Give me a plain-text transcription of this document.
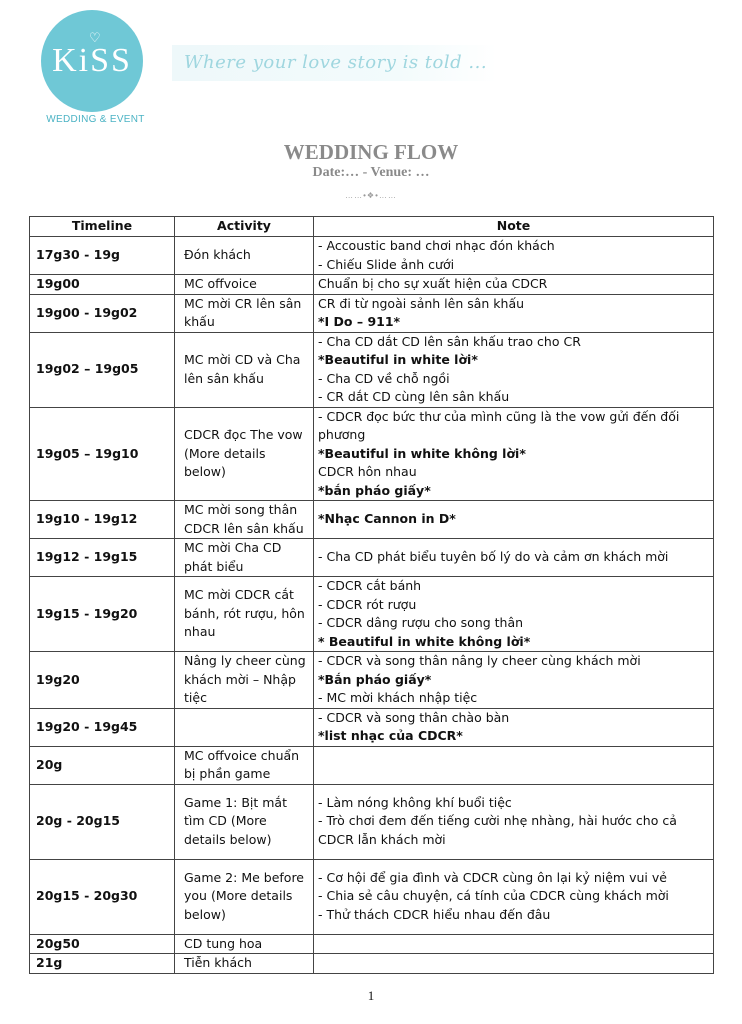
♡
KiSS
WEDDING & EVENT
Where your love story is told ...
WEDDING FLOW
Date:… - Venue: …
……•❖•……
Timeline	Activity	Note
17g30 - 19g	Đón khách	- Accoustic band chơi nhạc đón khách
- Chiếu Slide ảnh cưới

19g00	MC offvoice	Chuẩn bị cho sự xuất hiện của CDCR

19g00 - 19g02	MC mời CR lên sân khấu	CR đi từ ngoài sảnh lên sân khấu
*I Do – 911*

19g02 – 19g05	MC mời CD và Cha lên sân khấu	- Cha CD dắt CD lên sân khấu trao cho CR
*Beautiful in white lời*
- Cha CD về chỗ ngồi
- CR dắt CD cùng lên sân khấu

19g05 – 19g10	CDCR đọc The vow (More details below)	- CDCR đọc bức thư của mình cũng là the vow gửi đến đối
phương
*Beautiful in white không lời*
CDCR hôn nhau
*bắn pháo giấy*

19g10 - 19g12	MC mời song thân CDCR lên sân khấu	*Nhạc Cannon in D*

19g12 - 19g15	MC mời Cha CD phát biểu	- Cha CD phát biểu tuyên bố lý do và cảm ơn khách mời

19g15 - 19g20	MC mời CDCR cắt bánh, rót rượu, hôn nhau	- CDCR cắt bánh
- CDCR rót rượu
- CDCR dâng rượu cho song thân
* Beautiful in white không lời*

19g20	Nâng ly cheer cùng khách mời – Nhập tiệc	- CDCR và song thân nâng ly cheer cùng khách mời
*Bắn pháo giấy*
- MC mời khách nhập tiệc

19g20 - 19g45		- CDCR và song thân chào bàn
*list nhạc của CDCR*

20g	MC offvoice chuẩn bị phần game	
20g - 20g15	Game 1: Bịt mắt tìm CD (More details below)	- Làm nóng không khí buổi tiệc
- Trò chơi đem đến tiếng cười nhẹ nhàng, hài hước cho cả
CDCR lẫn khách mời

20g15 - 20g30	Game 2: Me before you (More details below)	- Cơ hội để gia đình và CDCR cùng ôn lại kỷ niệm vui vẻ
- Chia sẻ câu chuyện, cá tính của CDCR cùng khách mời
- Thử thách CDCR hiểu nhau đến đâu

20g50	CD tung hoa	
21g	Tiễn khách	
1
